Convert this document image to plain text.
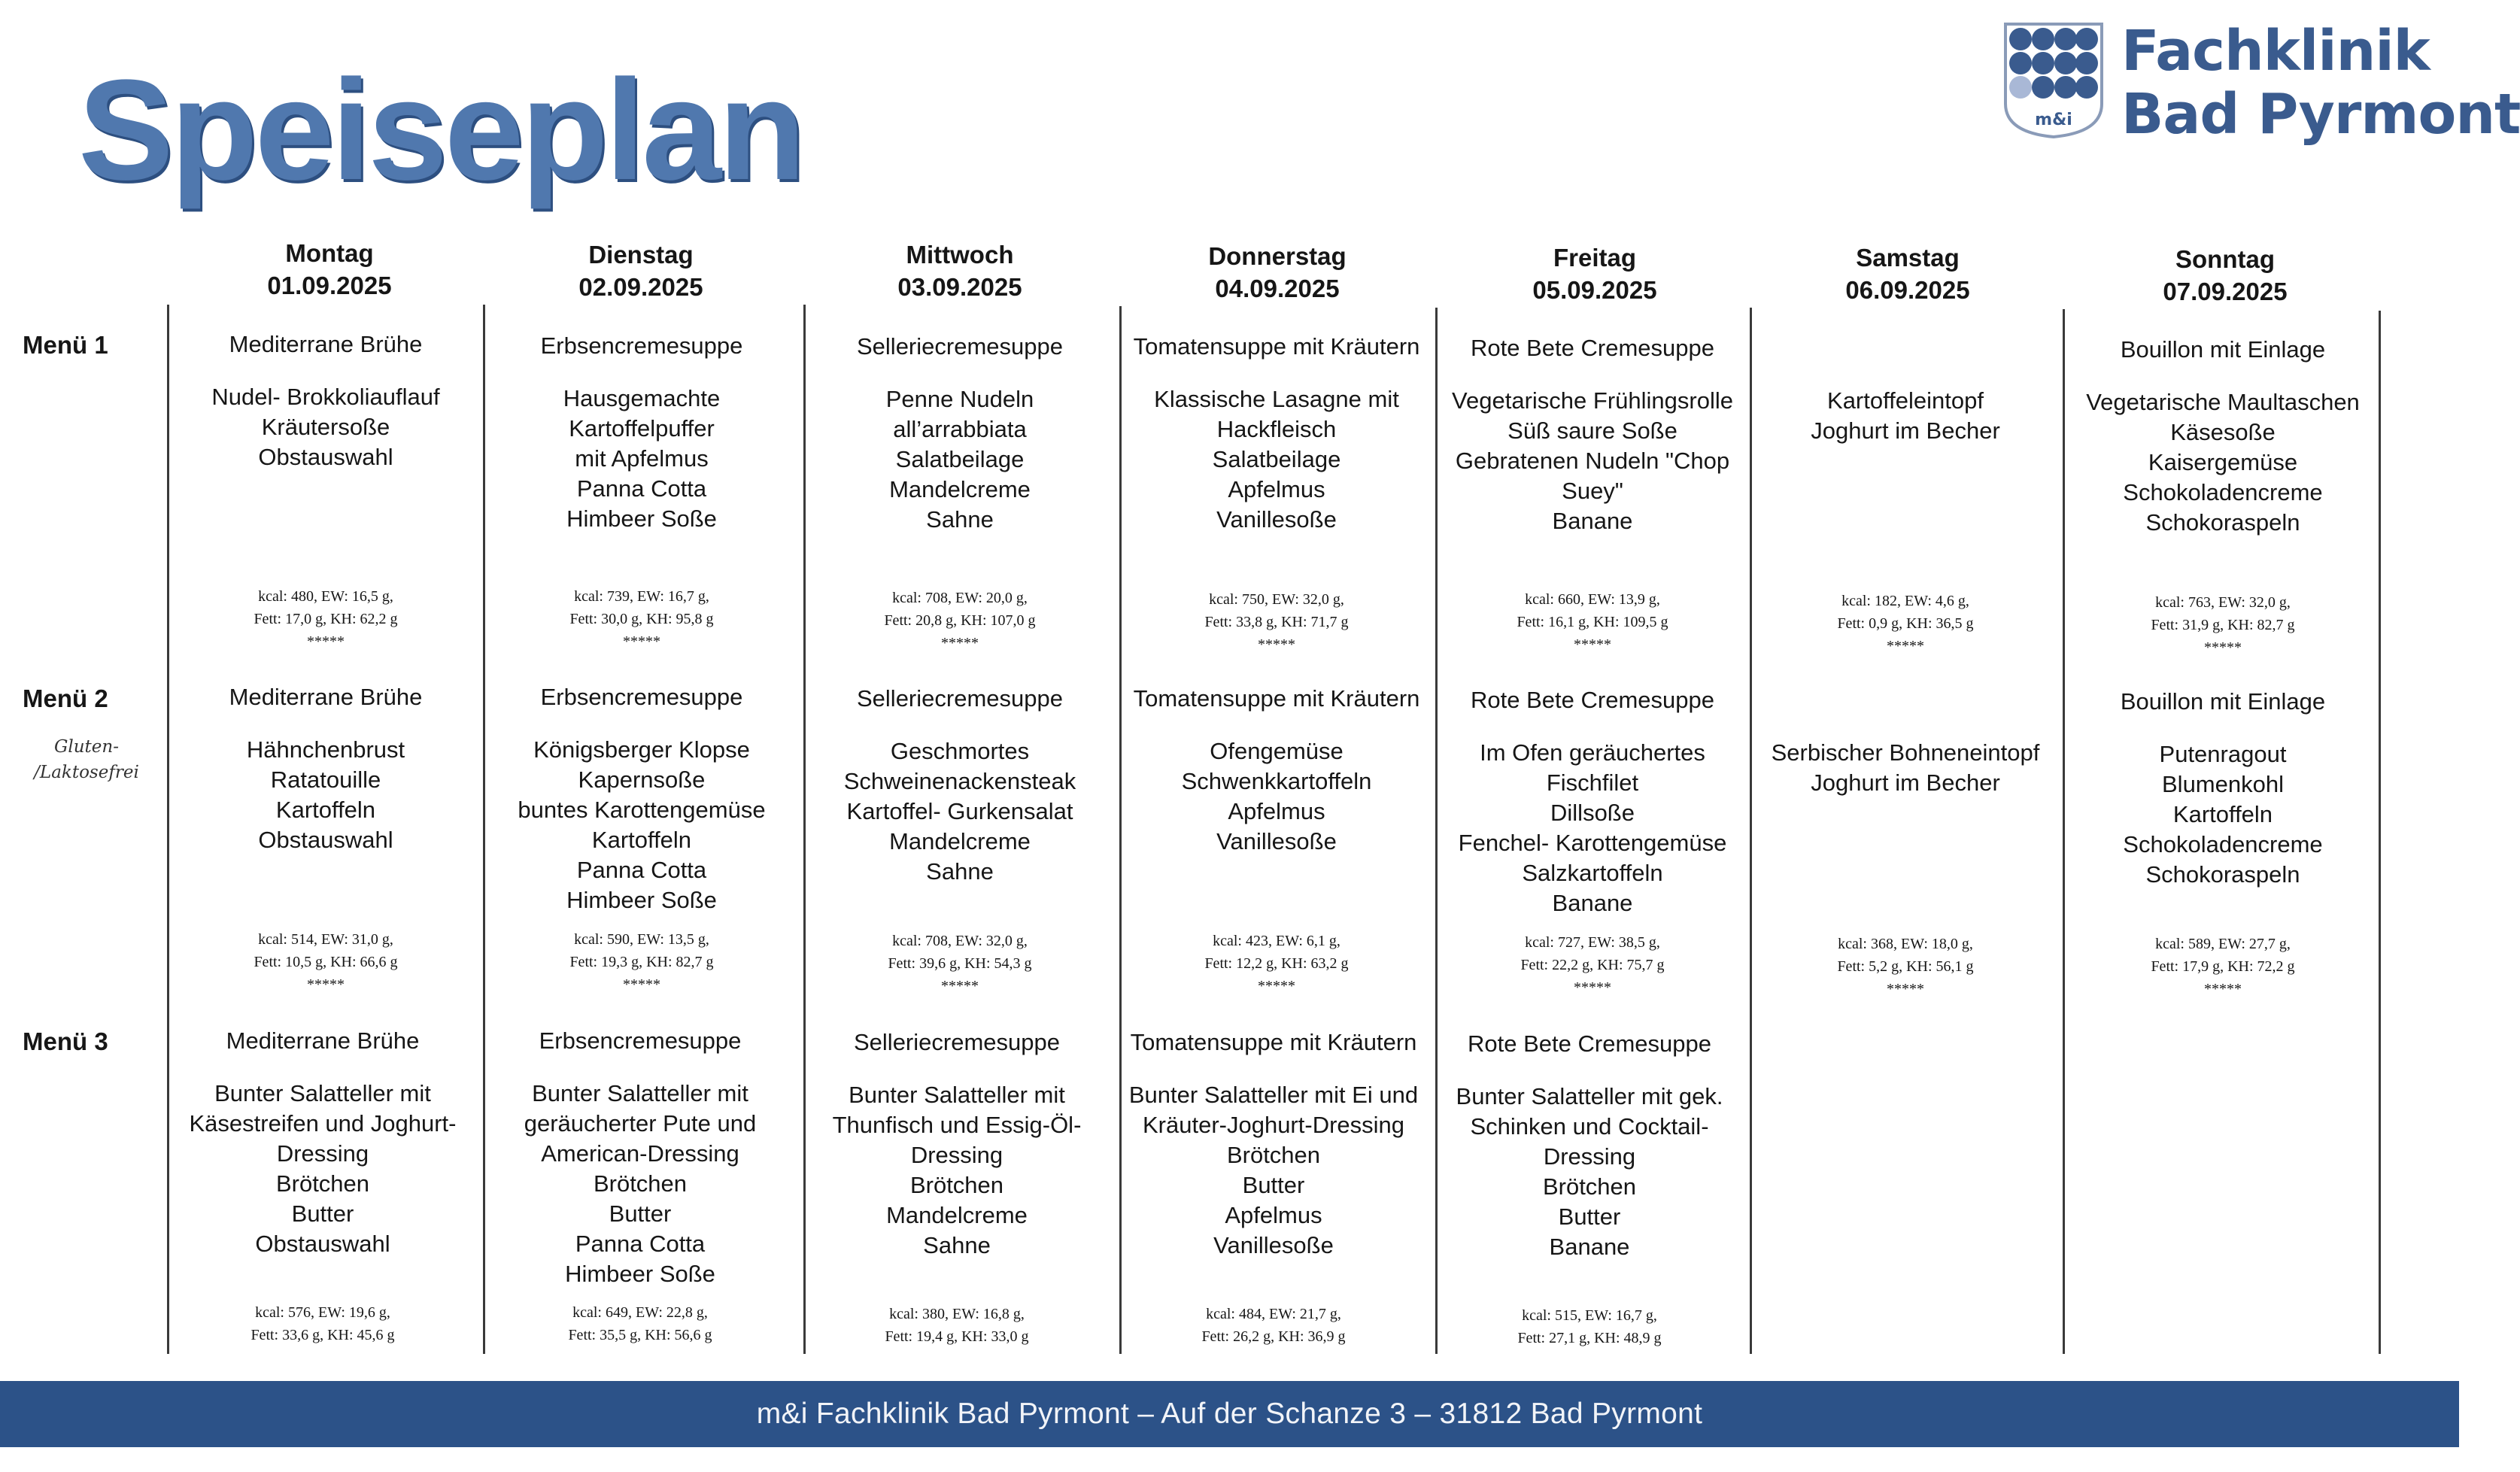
Speiseplan	m&i
Fachklinik
Bad Pyrmont
Montag
01.09.2025
Dienstag
02.09.2025
Mittwoch
03.09.2025
Donnerstag
04.09.2025
Freitag
05.09.2025
Samstag
06.09.2025
Sonntag
07.09.2025
Menü 1
Menü 2
Gluten- /Laktosefrei
Menü 3
Mediterrane Brühe
Nudel- Brokkoliauflauf
Kräutersoße
Obstauswahl
Erbsencremesuppe
Hausgemachte
Kartoffelpuffer
mit Apfelmus
Panna Cotta
Himbeer Soße
Selleriecremesuppe
Penne Nudeln
all’arrabbiata
Salatbeilage
Mandelcreme
Sahne
Tomatensuppe mit Kräutern
Klassische Lasagne mit
Hackfleisch
Salatbeilage
Apfelmus
Vanillesoße
Rote Bete Cremesuppe
Vegetarische Frühlingsrolle
Süß saure Soße
Gebratenen Nudeln "Chop
Suey"
Banane

Kartoffeleintopf
Joghurt im Becher
Bouillon mit Einlage
Vegetarische Maultaschen
Käsesoße
Kaisergemüse
Schokoladencreme
Schokoraspeln
kcal: 480, EW: 16,5 g,
Fett: 17,0 g, KH: 62,2 g
*****
kcal: 739, EW: 16,7 g,
Fett: 30,0 g, KH: 95,8 g
*****
kcal: 708, EW: 20,0 g,
Fett: 20,8 g, KH: 107,0 g
*****
kcal: 750, EW: 32,0 g,
Fett: 33,8 g, KH: 71,7 g
*****
kcal: 660, EW: 13,9 g,
Fett: 16,1 g, KH: 109,5 g
*****
kcal: 182, EW: 4,6 g,
Fett: 0,9 g, KH: 36,5 g
*****
kcal: 763, EW: 32,0 g,
Fett: 31,9 g, KH: 82,7 g
*****
Mediterrane Brühe
Hähnchenbrust
Ratatouille
Kartoffeln
Obstauswahl
Erbsencremesuppe
Königsberger Klopse
Kapernsoße
buntes Karottengemüse
Kartoffeln
Panna Cotta
Himbeer Soße
Selleriecremesuppe
Geschmortes
Schweinenackensteak
Kartoffel- Gurkensalat
Mandelcreme
Sahne
Tomatensuppe mit Kräutern
Ofengemüse
Schwenkkartoffeln
Apfelmus
Vanillesoße
Rote Bete Cremesuppe
Im Ofen geräuchertes
Fischfilet
Dillsoße
Fenchel- Karottengemüse
Salzkartoffeln
Banane

Serbischer Bohneneintopf
Joghurt im Becher
Bouillon mit Einlage
Putenragout
Blumenkohl
Kartoffeln
Schokoladencreme
Schokoraspeln
kcal: 514, EW: 31,0 g,
Fett: 10,5 g, KH: 66,6 g
*****
kcal: 590, EW: 13,5 g,
Fett: 19,3 g, KH: 82,7 g
*****
kcal: 708, EW: 32,0 g,
Fett: 39,6 g, KH: 54,3 g
*****
kcal: 423, EW: 6,1 g,
Fett: 12,2 g, KH: 63,2 g
*****
kcal: 727, EW: 38,5 g,
Fett: 22,2 g, KH: 75,7 g
*****
kcal: 368, EW: 18,0 g,
Fett: 5,2 g, KH: 56,1 g
*****
kcal: 589, EW: 27,7 g,
Fett: 17,9 g, KH: 72,2 g
*****
Mediterrane Brühe
Bunter Salatteller mit
Käsestreifen und Joghurt-
Dressing
Brötchen
Butter
Obstauswahl
Erbsencremesuppe
Bunter Salatteller mit
geräucherter Pute und
American-Dressing
Brötchen
Butter
Panna Cotta
Himbeer Soße
Selleriecremesuppe
Bunter Salatteller mit
Thunfisch und Essig-Öl-
Dressing
Brötchen
Mandelcreme
Sahne
Tomatensuppe mit Kräutern
Bunter Salatteller mit Ei und
Kräuter-Joghurt-Dressing
Brötchen
Butter
Apfelmus
Vanillesoße
Rote Bete Cremesuppe
Bunter Salatteller mit gek.
Schinken und Cocktail-
Dressing
Brötchen
Butter
Banane
kcal: 576, EW: 19,6 g,
Fett: 33,6 g, KH: 45,6 g
kcal: 649, EW: 22,8 g,
Fett: 35,5 g, KH: 56,6 g
kcal: 380, EW: 16,8 g,
Fett: 19,4 g, KH: 33,0 g
kcal: 484, EW: 21,7 g,
Fett: 26,2 g, KH: 36,9 g
kcal: 515, EW: 16,7 g,
Fett: 27,1 g, KH: 48,9 g
m&i Fachklinik Bad Pyrmont – Auf der Schanze 3 – 31812 Bad Pyrmont
